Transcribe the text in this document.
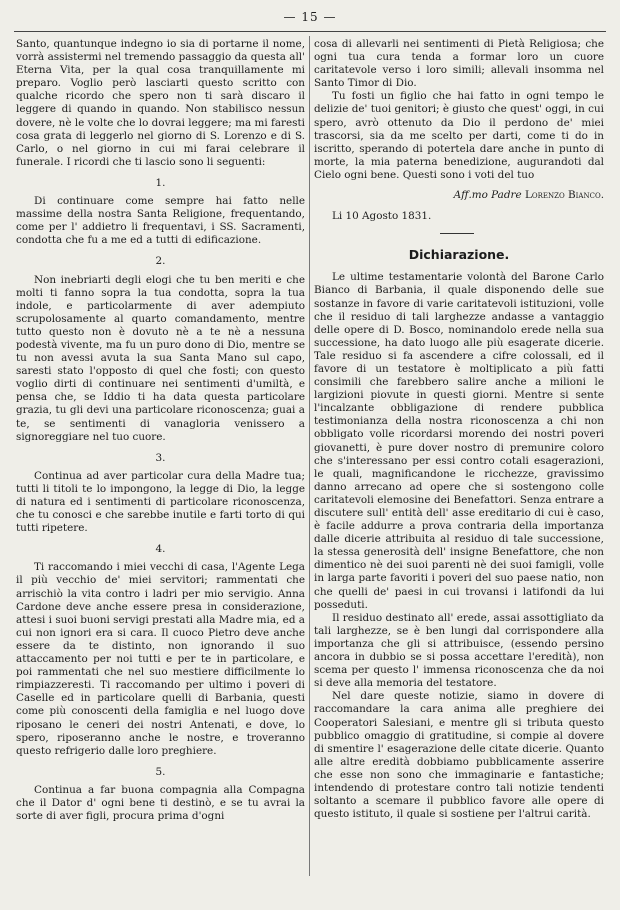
— 15 —

Santo, quantunque indegno io sia di portarne il nome, vorrà assistermi nel tremendo passaggio da questa all' Eterna Vita, per la qual cosa tranquillamente mi preparo. Voglio però lasciarti questo scritto con qualche ricordo che spero non ti sarà discaro il leggere di quando in quando. Non stabilisco nessun dovere, nè le volte che lo dovrai leggere; ma mi faresti cosa grata di leggerlo nel giorno di S. Lorenzo e di S. Carlo, o nel giorno in cui mi farai celebrare il funerale. I ricordi che ti lascio sono li seguenti:

1.

Di continuare come sempre hai fatto nelle massime della nostra Santa Religione, frequentando, come per l' addietro li frequentavi, i SS. Sacramenti, condotta che fu a me ed a tutti di edificazione.

2.

Non inebriarti degli elogi che tu ben meriti e che molti ti fanno sopra la tua condotta, sopra la tua indole, e particolarmente di aver adempiuto scrupolosamente al quarto comandamento, mentre tutto questo non è dovuto nè a te nè a nessuna podestà vivente, ma fu un puro dono di Dio, mentre se tu non avessi avuta la sua Santa Mano sul capo, saresti stato l'opposto di quel che fosti; con questo voglio dirti di continuare nei sentimenti d'umiltà, e pensa che, se Iddio ti ha data questa particolare grazia, tu gli devi una particolare riconoscenza; guai a te, se sentimenti di vanagloria venissero a signoreggiare nel tuo cuore.

3.

Continua ad aver particolar cura della Madre tua; tutti li titoli te lo impongono, la legge di Dio, la legge di natura ed i sentimenti di particolare riconoscenza, che tu conosci e che sarebbe inutile e farti torto di qui tutti ripetere.

4.

Ti raccomando i miei vecchi di casa, l'Agente Lega il più vecchio de' miei servitori; rammentati che arrischiò la vita contro i ladri per mio servigio. Anna Cardone deve anche essere presa in considerazione, attesi i suoi buoni servigi prestati alla Madre mia, ed a cui non ignori era si cara. Il cuoco Pietro deve anche essere da te distinto, non ignorando il suo attaccamento per noi tutti e per te in particolare, e poi rammentati che nel suo mestiere difficilmente lo rimpiazzeresti. Ti raccomando per ultimo i poveri di Caselle ed in particolare quelli di Barbania, questi come più conoscenti della famiglia e nel luogo dove riposano le ceneri dei nostri Antenati, e dove, lo spero, riposeranno anche le nostre, e troveranno questo refrigerio dalle loro preghiere.

5.

Continua a far buona compagnia alla Compagna che il Dator d' ogni bene ti destinò, e se tu avrai la sorte di aver figli, procura prima d'ogni

cosa di allevarli nei sentimenti di Pietà Religiosa; che ogni tua cura tenda a formar loro un cuore caritatevole verso i loro simili; allevali insomma nel Santo Timor di Dio.

Tu fosti un figlio che hai fatto in ogni tempo le delizie de' tuoi genitori; è giusto che quest' oggi, in cui spero, avrò ottenuto da Dio il perdono de' miei trascorsi, sia da me scelto per darti, come ti do in iscritto, sperando di potertela dare anche in punto di morte, la mia paterna benedizione, augurandoti dal Cielo ogni bene. Questi sono i voti del tuo

Aff.mo Padre Lorenzo Bianco.

Li 10 Agosto 1831.

Dichiarazione.

Le ultime testamentarie volontà del Barone Carlo Bianco di Barbania, il quale disponendo delle sue sostanze in favore di varie caritatevoli istituzioni, volle che il residuo di tali larghezze andasse a vantaggio delle opere di D. Bosco, nominandolo erede nella sua successione, ha dato luogo alle più esagerate dicerie. Tale residuo si fa ascendere a cifre colossali, ed il favore di un testatore è moltiplicato a più fatti consimili che farebbero salire anche a milioni le largizioni piovute in questi giorni. Mentre si sente l'incalzante obbligazione di rendere pubblica testimonianza della nostra riconoscenza a chi non obbligato volle ricordarsi morendo dei nostri poveri giovanetti, è pure dover nostro di premunire coloro che s'interessano per essi contro cotali esagerazioni, le quali, magnificandone le ricchezze, gravissimo danno arrecano ad opere che si sostengono colle caritatevoli elemosine dei Benefattori. Senza entrare a discutere sull' entità dell' asse ereditario di cui è caso, è facile addurre a prova contraria della importanza dalle dicerie attribuita al residuo di tale successione, la stessa generosità dell' insigne Benefattore, che non dimentico nè dei suoi parenti nè dei suoi famigli, volle in larga parte favoriti i poveri del suo paese natio, non che quelli de' paesi in cui trovansi i latifondi da lui posseduti.

Il residuo destinato all' erede, assai assottigliato da tali larghezze, se è ben lungi dal corrispondere alla importanza che gli si attribuisce, (essendo persino ancora in dubbio se si possa accettare l'eredità), non scema per questo l' immensa riconoscenza che da noi si deve alla memoria del testatore.

Nel dare queste notizie, siamo in dovere di raccomandare la cara anima alle preghiere dei Cooperatori Salesiani, e mentre gli si tributa questo pubblico omaggio di gratitudine, si compie al dovere di smentire l' esagerazione delle citate dicerie. Quanto alle altre eredità dobbiamo pubblicamente asserire che esse non sono che immaginarie e fantastiche; intendendo di protestare contro tali notizie tendenti soltanto a scemare il pubblico favore alle opere di questo istituto, il quale si sostiene per l'altrui carità.
